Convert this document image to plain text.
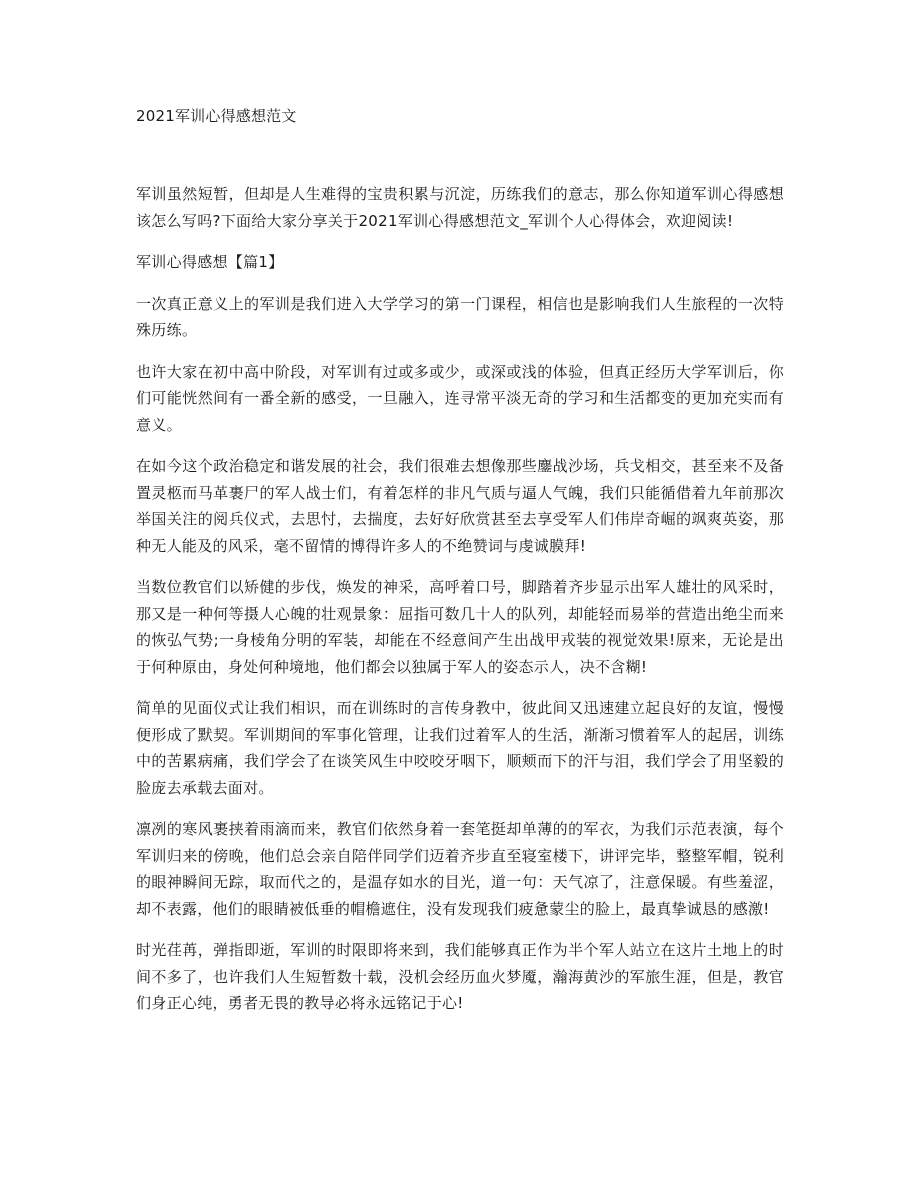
2021军训心得感想范文

军训虽然短暂，但却是人生难得的宝贵积累与沉淀，历练我们的意志，那么你知道军训心得感想该怎么写吗?下面给大家分享关于2021军训心得感想范文_军训个人心得体会，欢迎阅读!

军训心得感想【篇1】

一次真正意义上的军训是我们进入大学学习的第一门课程，相信也是影响我们人生旅程的一次特殊历练。

也许大家在初中高中阶段，对军训有过或多或少，或深或浅的体验，但真正经历大学军训后，你们可能恍然间有一番全新的感受，一旦融入，连寻常平淡无奇的学习和生活都变的更加充实而有意义。

在如今这个政治稳定和谐发展的社会，我们很难去想像那些鏖战沙场，兵戈相交，甚至来不及备置灵柩而马革裹尸的军人战士们，有着怎样的非凡气质与逼人气魄，我们只能循借着九年前那次举国关注的阅兵仪式，去思忖，去揣度，去好好欣赏甚至去享受军人们伟岸奇崛的飒爽英姿，那种无人能及的风采，毫不留情的博得许多人的不绝赞词与虔诚膜拜!

当数位教官们以矫健的步伐，焕发的神采，高呼着口号，脚踏着齐步显示出军人雄壮的风采时，那又是一种何等摄人心魄的壮观景象：屈指可数几十人的队列，却能轻而易举的营造出绝尘而来的恢弘气势;一身棱角分明的军装，却能在不经意间产生出战甲戎装的视觉效果!原来，无论是出于何种原由，身处何种境地，他们都会以独属于军人的姿态示人，决不含糊!

简单的见面仪式让我们相识，而在训练时的言传身教中，彼此间又迅速建立起良好的友谊，慢慢便形成了默契。军训期间的军事化管理，让我们过着军人的生活，渐渐习惯着军人的起居，训练中的苦累病痛，我们学会了在谈笑风生中咬咬牙咽下，顺颊而下的汗与泪，我们学会了用坚毅的脸庞去承载去面对。

凛冽的寒风裹挟着雨滴而来，教官们依然身着一套笔挺却单薄的的军衣，为我们示范表演，每个军训归来的傍晚，他们总会亲自陪伴同学们迈着齐步直至寝室楼下，讲评完毕，整整军帽，锐利的眼神瞬间无踪，取而代之的，是温存如水的目光，道一句：天气凉了，注意保暖。有些羞涩，却不表露，他们的眼睛被低垂的帽檐遮住，没有发现我们疲惫蒙尘的脸上，最真挚诚恳的感激!

时光荏苒，弹指即逝，军训的时限即将来到，我们能够真正作为半个军人站立在这片土地上的时间不多了，也许我们人生短暂数十载，没机会经历血火梦魇，瀚海黄沙的军旅生涯，但是，教官们身正心纯，勇者无畏的教导必将永远铭记于心!
